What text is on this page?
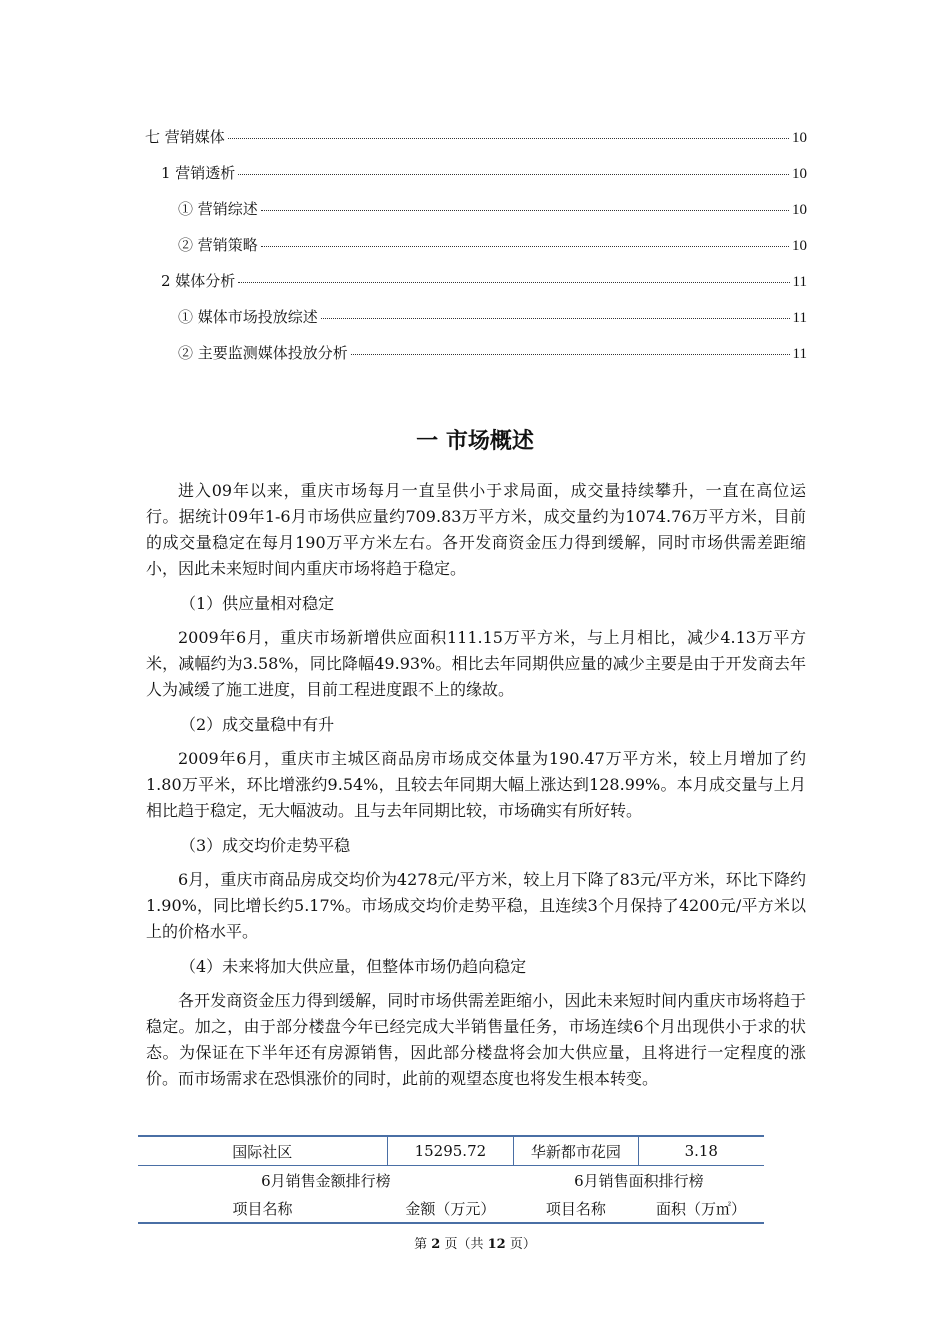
七 营销媒体	10
1 营销透析	10
① 营销综述	10
② 营销策略	10
2 媒体分析	11
① 媒体市场投放综述	11
② 主要监测媒体投放分析	11
一 市场概述

进入09年以来，重庆市场每月一直呈供小于求局面，成交量持续攀升，一直在高位运行。据统计09年1-6月市场供应量约709.83万平方米，成交量约为1074.76万平方米，目前的成交量稳定在每月190万平方米左右。各开发商资金压力得到缓解，同时市场供需差距缩小，因此未来短时间内重庆市场将趋于稳定。

（1）供应量相对稳定

2009年6月，重庆市场新增供应面积111.15万平方米，与上月相比，减少4.13万平方米，减幅约为3.58%，同比降幅49.93%。相比去年同期供应量的减少主要是由于开发商去年人为减缓了施工进度，目前工程进度跟不上的缘故。

（2）成交量稳中有升

2009年6月，重庆市主城区商品房市场成交体量为190.47万平方米，较上月增加了约1.80万平米，环比增涨约9.54%，且较去年同期大幅上涨达到128.99%。本月成交量与上月相比趋于稳定，无大幅波动。且与去年同期比较，市场确实有所好转。

（3）成交均价走势平稳

6月，重庆市商品房成交均价为4278元/平方米，较上月下降了83元/平方米，环比下降约1.90%，同比增长约5.17%。市场成交均价走势平稳，且连续3个月保持了4200元/平方米以上的价格水平。

（4）未来将加大供应量，但整体市场仍趋向稳定

各开发商资金压力得到缓解，同时市场供需差距缩小，因此未来短时间内重庆市场将趋于稳定。加之，由于部分楼盘今年已经完成大半销售量任务，市场连续6个月出现供小于求的状态。为保证在下半年还有房源销售，因此部分楼盘将会加大供应量，且将进行一定程度的涨价。而市场需求在恐惧涨价的同时，此前的观望态度也将发生根本转变。

国际社区	15295.72	华新都市花园	3.18
6月销售金额排行榜		6月销售面积排行榜	
项目名称	金额（万元）	项目名称	面积（万㎡）
第 2 页（共 12 页）
